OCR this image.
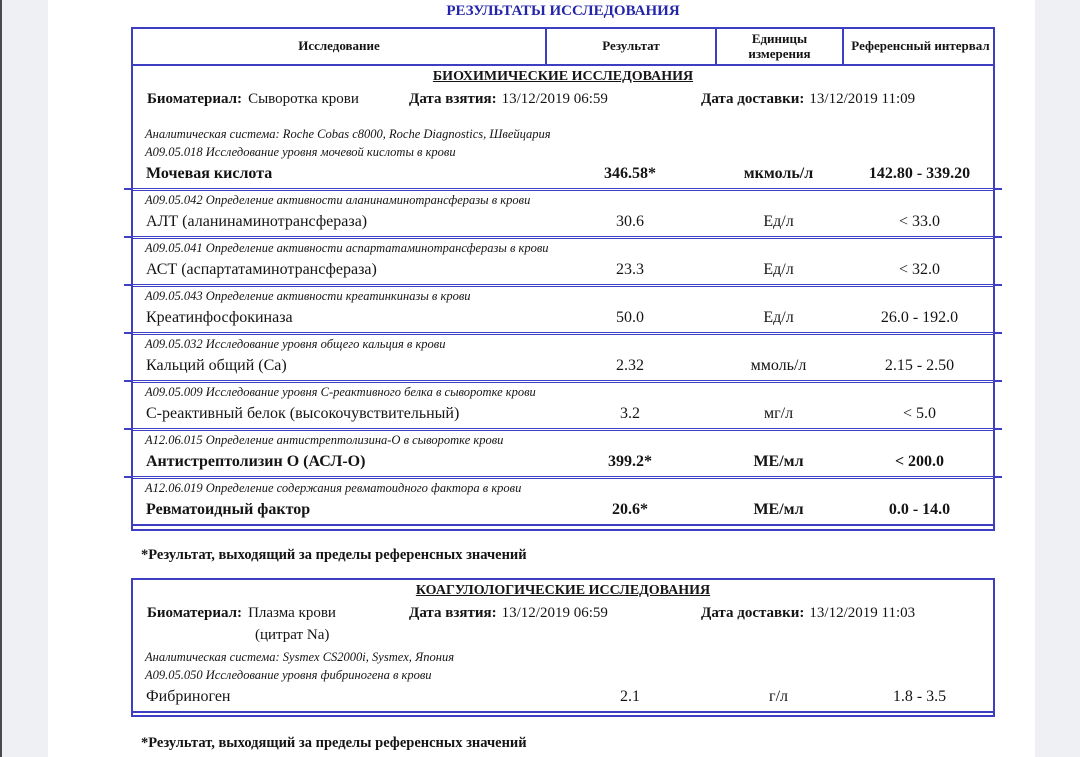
РЕЗУЛЬТАТЫ ИССЛЕДОВАНИЯ
Исследование	Результат	Единицы измерения	Референсный интервал
БИОХИМИЧЕСКИЕ ИССЛЕДОВАНИЯ
Биоматериал: Сыворотка крови	Дата взятия: 13/12/2019 06:59	Дата доставки: 13/12/2019 11:09
Аналитическая система: Roche Cobas c8000, Roche Diagnostics, Швейцария
А09.05.018 Исследование уровня мочевой кислоты в крови
Мочевая кислота	346.58*	мкмоль/л	142.80 - 339.20
А09.05.042 Определение активности аланинаминотрансферазы в крови
АЛТ (аланинаминотрансфераза)	30.6	Ед/л	< 33.0
А09.05.041 Определение активности аспартатаминотрансферазы в крови
АСТ (аспартатаминотрансфераза)	23.3	Ед/л	< 32.0
А09.05.043 Определение активности креатинкиназы в крови
Креатинфосфокиназа	50.0	Ед/л	26.0 - 192.0
А09.05.032 Исследование уровня общего кальция в крови
Кальций общий (Са)	2.32	ммоль/л	2.15 - 2.50
А09.05.009 Исследование уровня С-реактивного белка в сыворотке крови
С-реактивный белок (высокочувствительный)	3.2	мг/л	< 5.0
А12.06.015 Определение антистрептолизина-О в сыворотке крови
Антистрептолизин О (АСЛ-О)	399.2*	МЕ/мл	< 200.0
А12.06.019 Определение содержания ревматоидного фактора в крови
Ревматоидный фактор	20.6*	МЕ/мл	0.0 - 14.0
*Результат, выходящий за пределы референсных значений
КОАГУЛОЛОГИЧЕСКИЕ ИССЛЕДОВАНИЯ
Биоматериал: Плазма крови	Дата взятия: 13/12/2019 06:59	Дата доставки: 13/12/2019 11:03
(цитрат Na)
Аналитическая система: Sysmex CS2000i, Sysmex, Япония
А09.05.050 Исследование уровня фибриногена в крови
Фибриноген	2.1	г/л	1.8 - 3.5
*Результат, выходящий за пределы референсных значений
